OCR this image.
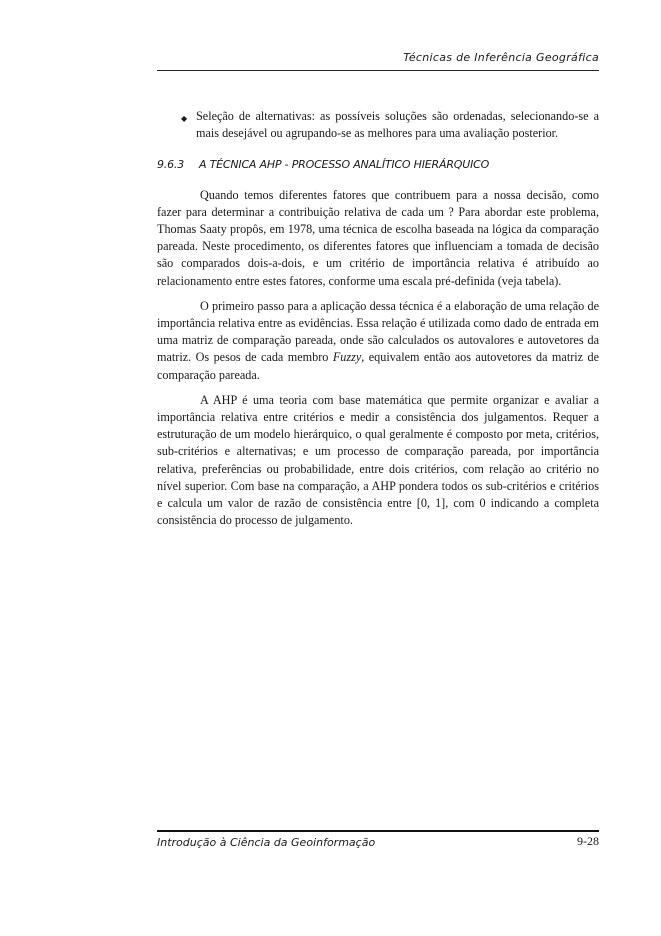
Técnicas de Inferência Geográfica

◆ Seleção de alternativas: as possíveis soluções são ordenadas, selecionando-se a mais desejável ou agrupando-se as melhores para uma avaliação posterior.

9.6.3	A TÉCNICA AHP - PROCESSO ANALÍTICO HIERÁRQUICO

Quando temos diferentes fatores que contribuem para a nossa decisão, como fazer para determinar a contribuição relativa de cada um ? Para abordar este problema, Thomas Saaty propôs, em 1978, uma técnica de escolha baseada na lógica da comparação pareada. Neste procedimento, os diferentes fatores que influenciam a tomada de decisão são comparados dois-a-dois, e um critério de importância relativa é atribuído ao relacionamento entre estes fatores, conforme uma escala pré-definida (veja tabela).

O primeiro passo para a aplicação dessa técnica é a elaboração de uma relação de importância relativa entre as evidências. Essa relação é utilizada como dado de entrada em uma matriz de comparação pareada, onde são calculados os autovalores e autovetores da matriz. Os pesos de cada membro Fuzzy, equivalem então aos autovetores da matriz de comparação pareada.

A AHP é uma teoria com base matemática que permite organizar e avaliar a importância relativa entre critérios e medir a consistência dos julgamentos. Requer a estruturação de um modelo hierárquico, o qual geralmente é composto por meta, critérios, sub-critérios e alternativas; e um processo de comparação pareada, por importância relativa, preferências ou probabilidade, entre dois critérios, com relação ao critério no nível superior. Com base na comparação, a AHP pondera todos os sub-critérios e critérios e calcula um valor de razão de consistência entre [0, 1], com 0 indicando a completa consistência do processo de julgamento.

Introdução à Ciência da Geoinformação	9-28
